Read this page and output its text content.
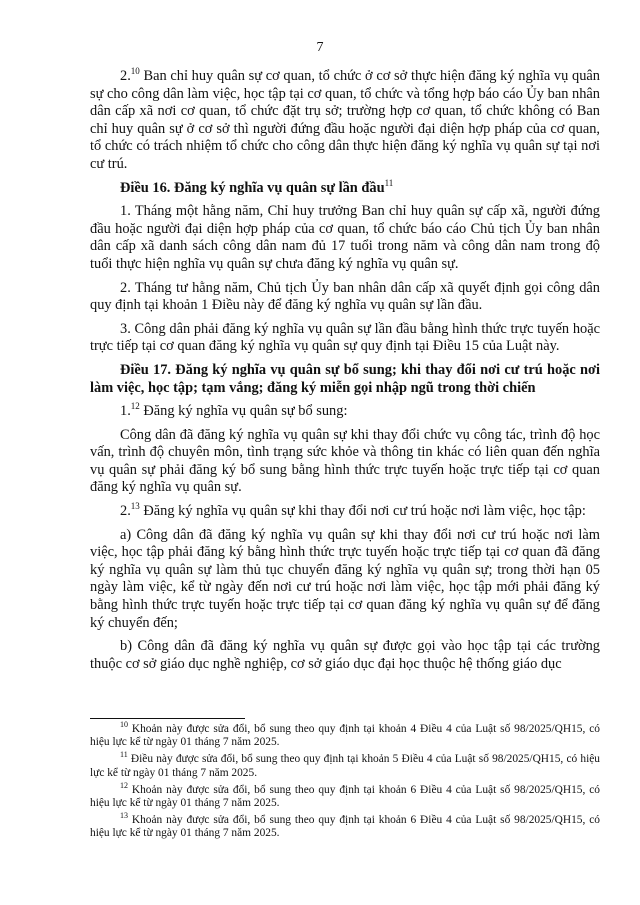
7

2.10 Ban chỉ huy quân sự cơ quan, tổ chức ở cơ sở thực hiện đăng ký nghĩa vụ quân sự cho công dân làm việc, học tập tại cơ quan, tổ chức và tổng hợp báo cáo Ủy ban nhân dân cấp xã nơi cơ quan, tổ chức đặt trụ sở; trường hợp cơ quan, tổ chức không có Ban chỉ huy quân sự ở cơ sở thì người đứng đầu hoặc người đại diện hợp pháp của cơ quan, tổ chức có trách nhiệm tổ chức cho công dân thực hiện đăng ký nghĩa vụ quân sự tại nơi cư trú.

Điều 16. Đăng ký nghĩa vụ quân sự lần đầu$^{11}$

1. Tháng một hằng năm, Chỉ huy trưởng Ban chỉ huy quân sự cấp xã, người đứng đầu hoặc người đại diện hợp pháp của cơ quan, tổ chức báo cáo Chủ tịch Ủy ban nhân dân cấp xã danh sách công dân nam đủ 17 tuổi trong năm và công dân nam trong độ tuổi thực hiện nghĩa vụ quân sự chưa đăng ký nghĩa vụ quân sự.

2. Tháng tư hằng năm, Chủ tịch Ủy ban nhân dân cấp xã quyết định gọi công dân quy định tại khoản 1 Điều này để đăng ký nghĩa vụ quân sự lần đầu.

3. Công dân phải đăng ký nghĩa vụ quân sự lần đầu bằng hình thức trực tuyến hoặc trực tiếp tại cơ quan đăng ký nghĩa vụ quân sự quy định tại Điều 15 của Luật này.

Điều 17. Đăng ký nghĩa vụ quân sự bổ sung; khi thay đổi nơi cư trú hoặc nơi làm việc, học tập; tạm vắng; đăng ký miễn gọi nhập ngũ trong thời chiến

1.12 Đăng ký nghĩa vụ quân sự bổ sung:

Công dân đã đăng ký nghĩa vụ quân sự khi thay đổi chức vụ công tác, trình độ học vấn, trình độ chuyên môn, tình trạng sức khỏe và thông tin khác có liên quan đến nghĩa vụ quân sự phải đăng ký bổ sung bằng hình thức trực tuyến hoặc trực tiếp tại cơ quan đăng ký nghĩa vụ quân sự.

2.13 Đăng ký nghĩa vụ quân sự khi thay đổi nơi cư trú hoặc nơi làm việc, học tập:

a) Công dân đã đăng ký nghĩa vụ quân sự khi thay đổi nơi cư trú hoặc nơi làm việc, học tập phải đăng ký bằng hình thức trực tuyến hoặc trực tiếp tại cơ quan đã đăng ký nghĩa vụ quân sự làm thủ tục chuyển đăng ký nghĩa vụ quân sự; trong thời hạn 05 ngày làm việc, kể từ ngày đến nơi cư trú hoặc nơi làm việc, học tập mới phải đăng ký bằng hình thức trực tuyến hoặc trực tiếp tại cơ quan đăng ký nghĩa vụ quân sự để đăng ký chuyển đến;

b) Công dân đã đăng ký nghĩa vụ quân sự được gọi vào học tập tại các trường thuộc cơ sở giáo dục nghề nghiệp, cơ sở giáo dục đại học thuộc hệ thống giáo dục

$^{10}$ Khoản này được sửa đổi, bổ sung theo quy định tại khoản 4 Điều 4 của Luật số 98/2025/QH15, có hiệu lực kể từ ngày 01 tháng 7 năm 2025.

$^{11}$ Điều này được sửa đổi, bổ sung theo quy định tại khoản 5 Điều 4 của Luật số 98/2025/QH15, có hiệu lực kể từ ngày 01 tháng 7 năm 2025.

$^{12}$ Khoản này được sửa đổi, bổ sung theo quy định tại khoản 6 Điều 4 của Luật số 98/2025/QH15, có hiệu lực kể từ ngày 01 tháng 7 năm 2025.

$^{13}$ Khoản này được sửa đổi, bổ sung theo quy định tại khoản 6 Điều 4 của Luật số 98/2025/QH15, có hiệu lực kể từ ngày 01 tháng 7 năm 2025.
